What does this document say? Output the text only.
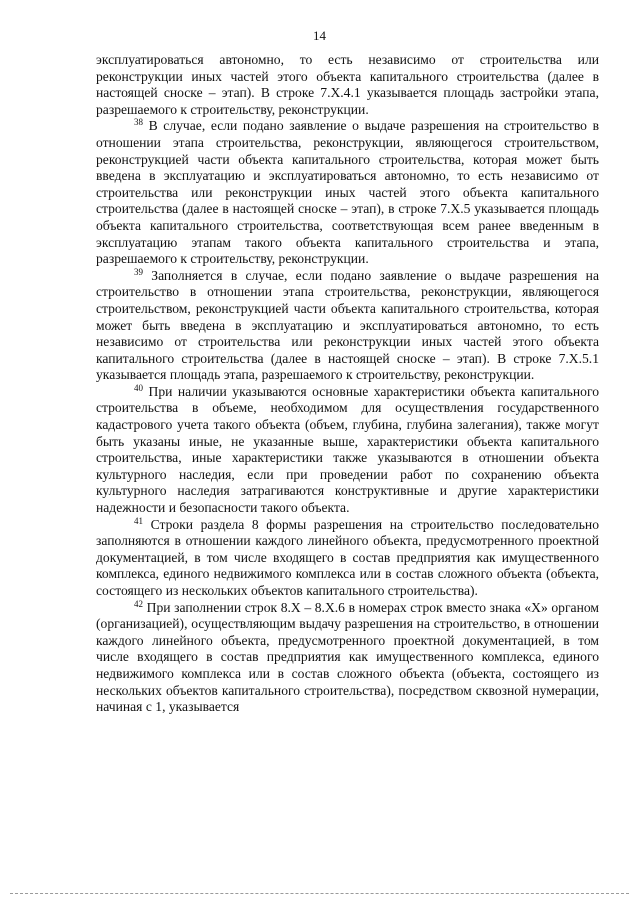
14

эксплуатироваться автономно, то есть независимо от строительства или реконструкции иных частей этого объекта капитального строительства (далее в настоящей сноске – этап). В строке 7.Х.4.1 указывается площадь застройки этапа, разрешаемого к строительству, реконструкции.

$^{38}$ В случае, если подано заявление о выдаче разрешения на строительство в отношении этапа строительства, реконструкции, являющегося строительством, реконструкцией части объекта капитального строительства, которая может быть введена в эксплуатацию и эксплуатироваться автономно, то есть независимо от строительства или реконструкции иных частей этого объекта капитального строительства (далее в настоящей сноске – этап), в строке 7.Х.5 указывается площадь объекта капитального строительства, соответствующая всем ранее введенным в эксплуатацию этапам такого объекта капитального строительства и этапа, разрешаемого к строительству, реконструкции.

$^{39}$ Заполняется в случае, если подано заявление о выдаче разрешения на строительство в отношении этапа строительства, реконструкции, являющегося строительством, реконструкцией части объекта капитального строительства, которая может быть введена в эксплуатацию и эксплуатироваться автономно, то есть независимо от строительства или реконструкции иных частей этого объекта капитального строительства (далее в настоящей сноске – этап). В строке 7.Х.5.1 указывается площадь этапа, разрешаемого к строительству, реконструкции.

$^{40}$ При наличии указываются основные характеристики объекта капитального строительства в объеме, необходимом для осуществления государственного кадастрового учета такого объекта (объем, глубина, глубина залегания), также могут быть указаны иные, не указанные выше, характеристики объекта капитального строительства, иные характеристики также указываются в отношении объекта культурного наследия, если при проведении работ по сохранению объекта культурного наследия затрагиваются конструктивные и другие характеристики надежности и безопасности такого объекта.

$^{41}$ Строки раздела 8 формы разрешения на строительство последовательно заполняются в отношении каждого линейного объекта, предусмотренного проектной документацией, в том числе входящего в состав предприятия как имущественного комплекса, единого недвижимого комплекса или в состав сложного объекта (объекта, состоящего из нескольких объектов капитального строительства).

$^{42}$ При заполнении строк 8.Х – 8.Х.6 в номерах строк вместо знака «Х» органом (организацией), осуществляющим выдачу разрешения на строительство, в отношении каждого линейного объекта, предусмотренного проектной документацией, в том числе входящего в состав предприятия как имущественного комплекса, единого недвижимого комплекса или в состав сложного объекта (объекта, состоящего из нескольких объектов капитального строительства), посредством сквозной нумерации, начиная с 1, указывается
